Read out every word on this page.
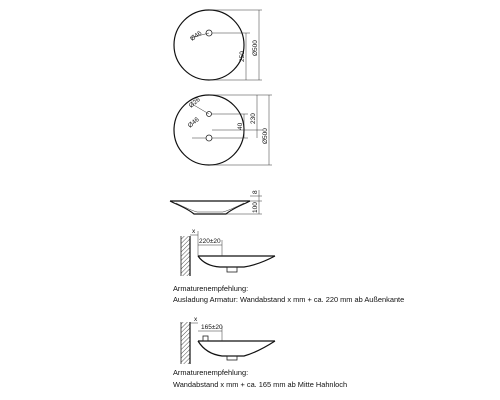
Ø46
250
Ø500
Ø26
Ø46	40
230
Ø500
8
100
x
220±20
x
165±20
Armaturenempfehlung:
Ausladung Armatur: Wandabstand x mm + ca. 220 mm ab Außenkante
Armaturenempfehlung:
Wandabstand x mm + ca. 165 mm ab Mitte Hahnloch
